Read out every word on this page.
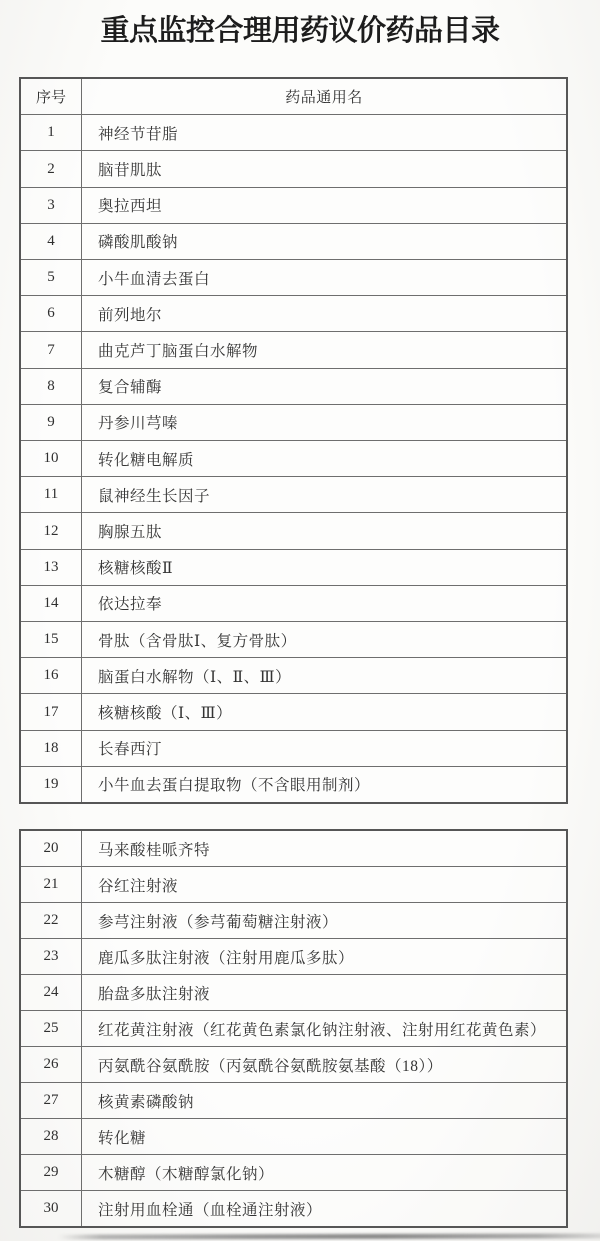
重点监控合理用药议价药品目录
序号	药品通用名
1	神经节苷脂
2	脑苷肌肽
3	奥拉西坦
4	磷酸肌酸钠
5	小牛血清去蛋白
6	前列地尔
7	曲克芦丁脑蛋白水解物
8	复合辅酶
9	丹参川芎嗪
10	转化糖电解质
11	鼠神经生长因子
12	胸腺五肽
13	核糖核酸Ⅱ
14	依达拉奉
15	骨肽（含骨肽Ⅰ、复方骨肽）
16	脑蛋白水解物（Ⅰ、Ⅱ、Ⅲ）
17	核糖核酸（Ⅰ、Ⅲ）
18	长春西汀
19	小牛血去蛋白提取物（不含眼用制剂）
20	马来酸桂哌齐特
21	谷红注射液
22	参芎注射液（参芎葡萄糖注射液）
23	鹿瓜多肽注射液（注射用鹿瓜多肽）
24	胎盘多肽注射液
25	红花黄注射液（红花黄色素氯化钠注射液、注射用红花黄色素）
26	丙氨酰谷氨酰胺（丙氨酰谷氨酰胺氨基酸（18））
27	核黄素磷酸钠
28	转化糖
29	木糖醇（木糖醇氯化钠）
30	注射用血栓通（血栓通注射液）
